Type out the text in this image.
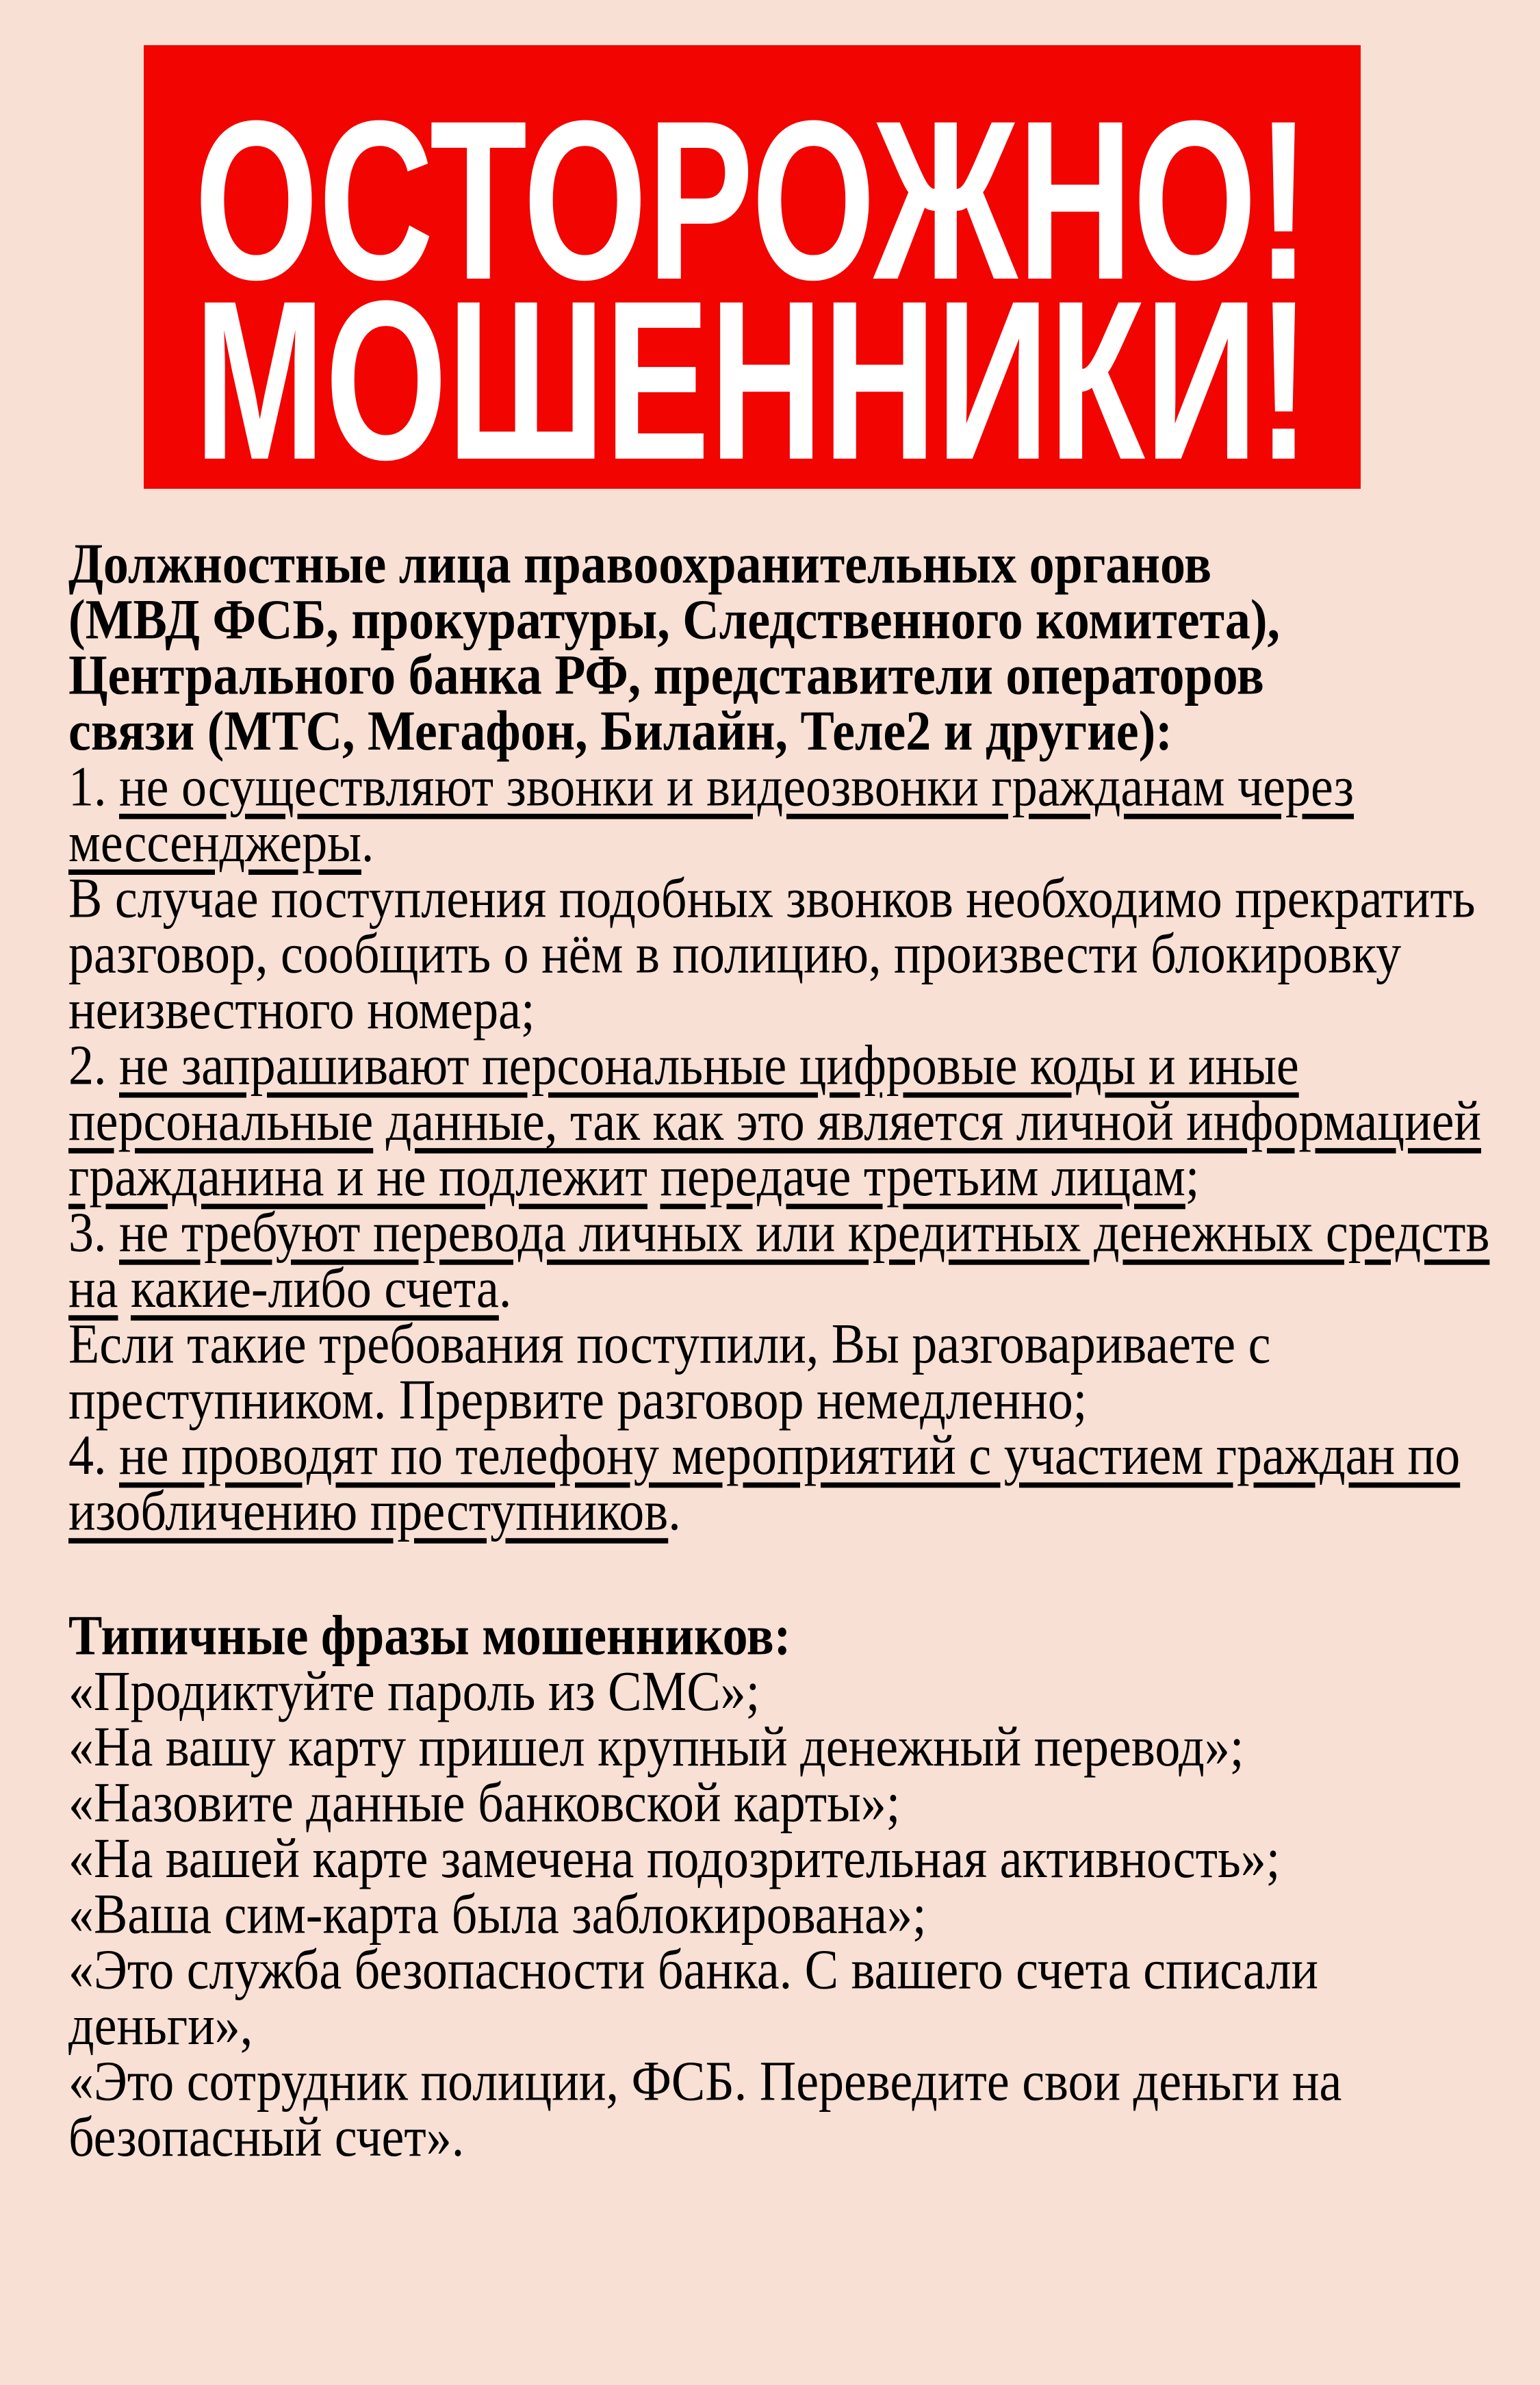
ОСТОРОЖНО!
МОШЕННИКИ!

Должностные лица правоохранительных органов
(МВД ФСБ, прокуратуры, Следственного комитета),
Центрального банка РФ, представители операторов
связи (МТС, Мегафон, Билайн, Теле2 и другие):

1. не осуществляют звонки и видеозвонки гражданам через
мессенджеры.

В случае поступления подобных звонков необходимо прекратить
разговор, сообщить о нём в полицию, произвести блокировку
неизвестного номера;

2. не запрашивают персональные цифровые коды и иные
персональные данные, так как это является личной информацией
гражданина и не подлежит передаче третьим лицам;

3. не требуют перевода личных или кредитных денежных средств
на какие-либо счета.

Если такие требования поступили, Вы разговариваете с
преступником. Прервите разговор немедленно;

4. не проводят по телефону мероприятий с участием граждан по
изобличению преступников.

Типичные фразы мошенников:

«Продиктуйте пароль из СМС»;

«На вашу карту пришел крупный денежный перевод»;

«Назовите данные банковской карты»;

«На вашей карте замечена подозрительная активность»;

«Ваша сим-карта была заблокирована»;

«Это служба безопасности банка. С вашего счета списали
деньги»,

«Это сотрудник полиции, ФСБ. Переведите свои деньги на
безопасный счет».
